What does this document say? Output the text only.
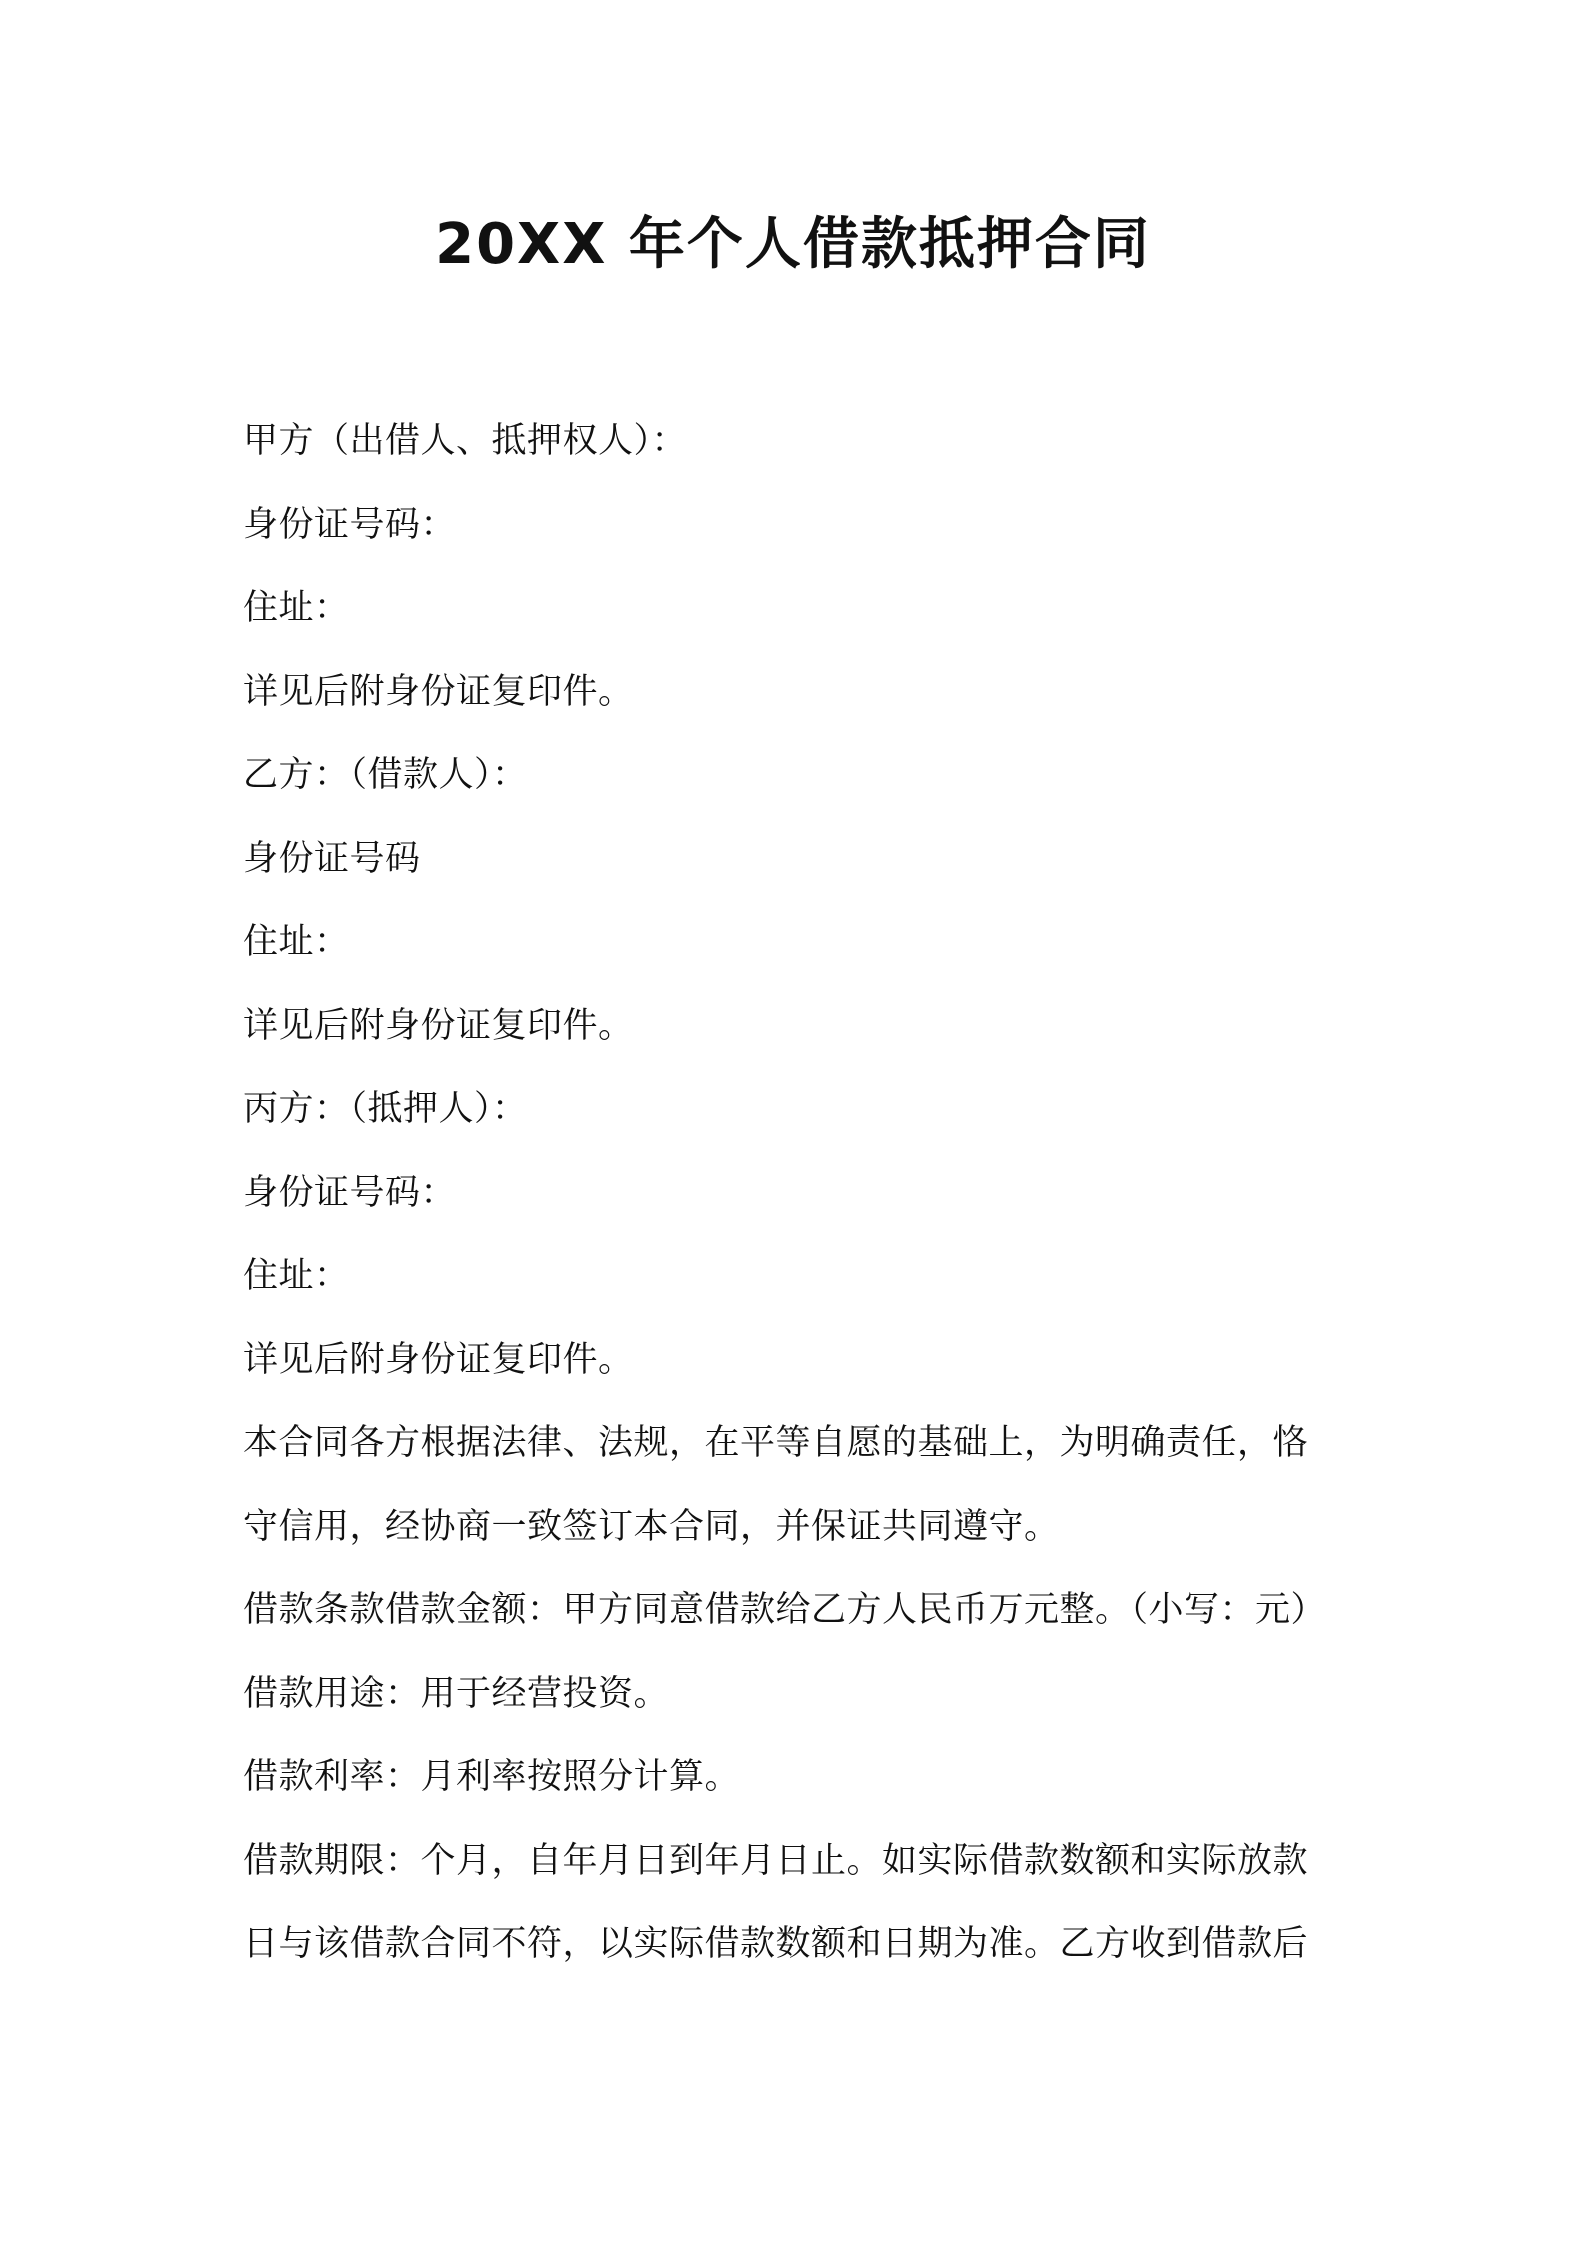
20XX 年个人借款抵押合同

甲方（出借人、抵押权人）：

身份证号码：

住址：

详见后附身份证复印件。

乙方：（借款人）：

身份证号码

住址：

详见后附身份证复印件。

丙方：（抵押人）：

身份证号码：

住址：

详见后附身份证复印件。

本合同各方根据法律、法规，在平等自愿的基础上，为明确责任，恪

守信用，经协商一致签订本合同，并保证共同遵守。

借款条款借款金额：甲方同意借款给乙方人民币万元整。（小写：元）

借款用途：用于经营投资。

借款利率：月利率按照分计算。

借款期限：个月，自年月日到年月日止。如实际借款数额和实际放款

日与该借款合同不符，以实际借款数额和日期为准。乙方收到借款后
